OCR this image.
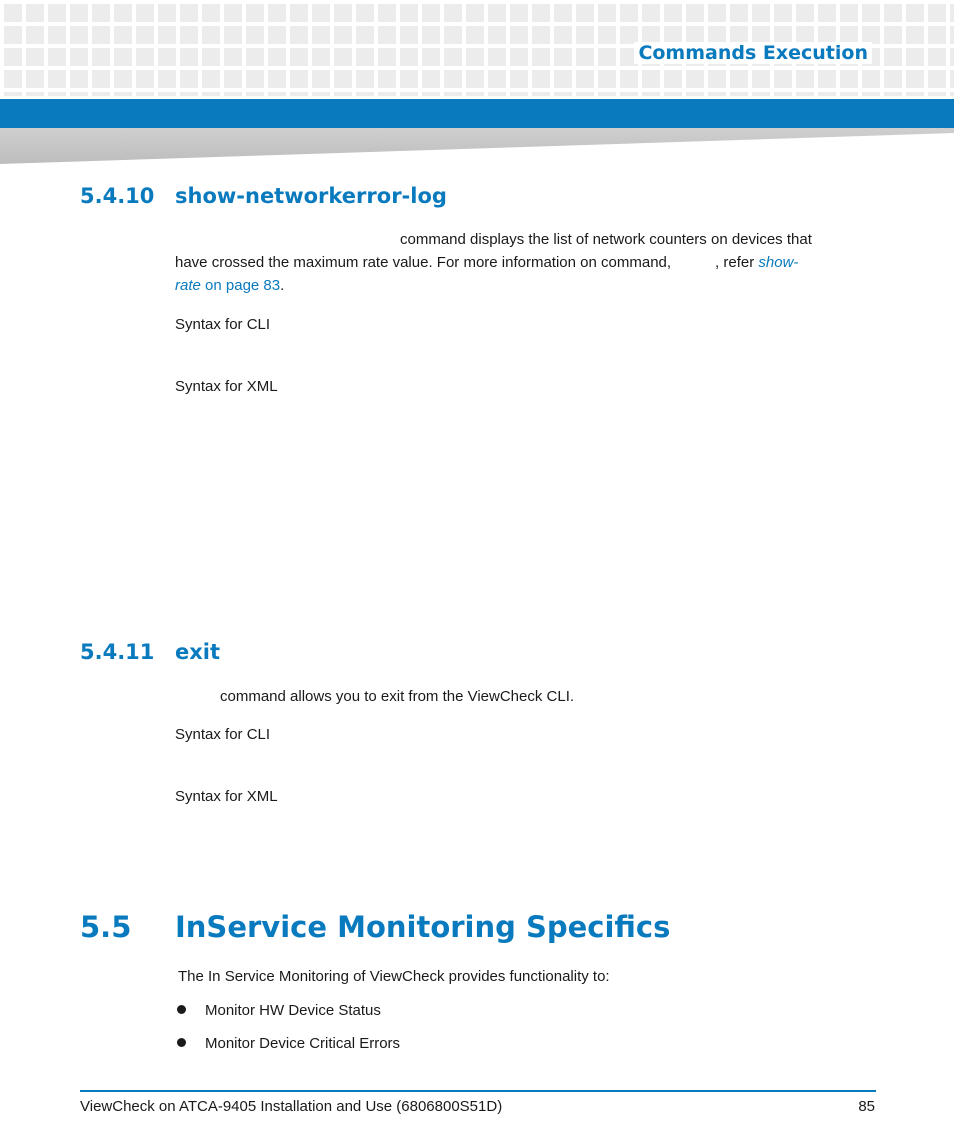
Commands Execution
5.4.10 show-networkerror-log
command displays the list of network counters on devices that
have crossed the maximum rate value. For more information on command,	, refer show-
rate on page 83.
Syntax for CLI
Syntax for XML
5.4.11 exit
command allows you to exit from the ViewCheck CLI.
Syntax for CLI
Syntax for XML
5.5 InService Monitoring Specifics
The In Service Monitoring of ViewCheck provides functionality to:
Monitor HW Device Status
Monitor Device Critical Errors
ViewCheck on ATCA-9405 Installation and Use (6806800S51D)	85
